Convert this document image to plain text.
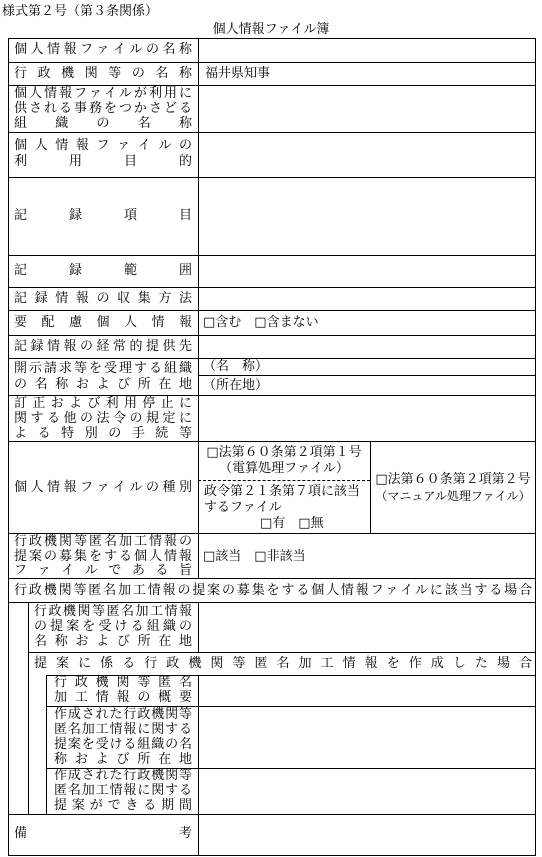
様式第２号（第３条関係）
個人情報ファイル簿
個人情報ファイルの名称
行 政 機 関 等 の 名 称 福井県知事
個人情報ファイルが利用に
供される事務をつかさどる
組　　織　　の　　名　　称
個 人 情 報 フ ァ イ ル の
利　　用　　目　　的
記　　録　　項　　目
記　　録　　範　　囲
記録情報の収集方法
要 配 慮 個 人 情 報 □含む　□含まない
記録情報の経常的提供先
開示請求等を受理する組織
の 名 称 お よ び 所 在 地
（名　称）
（所在地）
訂正および利用停止に
関する他の法令の規定に
よ る 特 別 の 手 続 等
個人情報ファイルの種別
□法第６０条第２項第１号
（電算処理ファイル）
政令第２１条第７項に該当
するファイル
□有　□無
□法第６０条第２項第２号
（マニュアル処理ファイル）
行政機関等匿名加工情報の
提案の募集をする個人情報
フ ァ イ ル で あ る 旨
□該当　□非該当
行政機関等匿名加工情報の提案の募集をする個人情報ファイルに該当する場合
行政機関等匿名加工情報
の提案を受ける組織の
名 称 お よ び 所 在 地
提 案 に 係 る 行 政 機 関 等 匿 名 加 工 情 報 を 作 成 し た 場 合
行 政 機 関 等 匿 名
加 工 情 報 の 概 要
作成された行政機関等
匿名加工情報に関する
提案を受ける組織の名
称 お よ び 所 在 地
作成された行政機関等
匿名加工情報に関する
提 案 が で き る 期 間
備　　　　　　　　　　考
